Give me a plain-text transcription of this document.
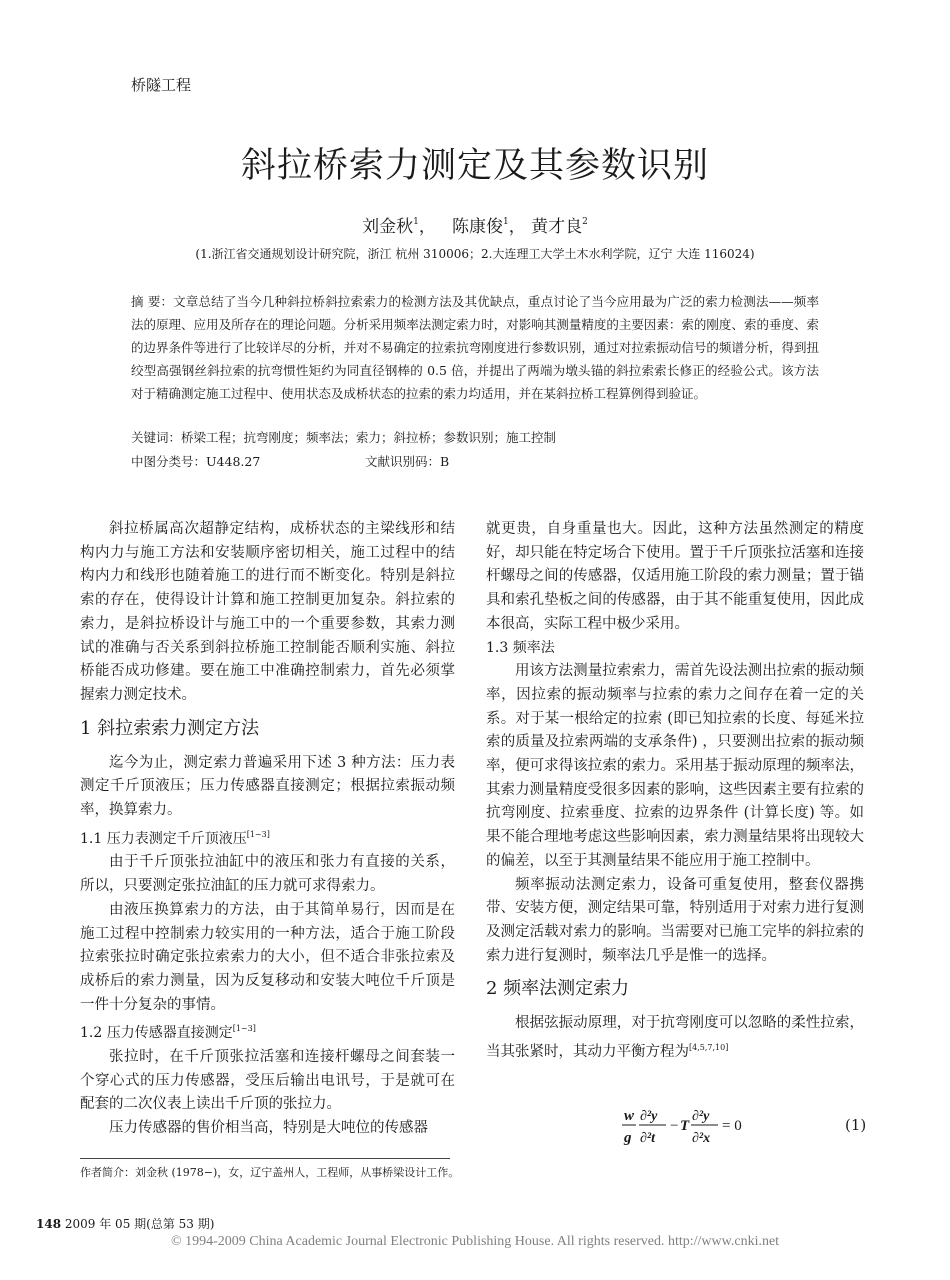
桥隧工程
斜拉桥索力测定及其参数识别
刘金秋$^1$，   陈康俊$^1$， 黄才良$^2$
(1.浙江省交通规划设计研究院，浙江 杭州 310006；2.大连理工大学土木水利学院，辽宁 大连 116024)
摘 要：文章总结了当今几种斜拉桥斜拉索索力的检测方法及其优缺点，重点讨论了当今应用最为广泛的索力检测法——频率法的原理、应用及所存在的理论问题。分析采用频率法测定索力时，对影响其测量精度的主要因素：索的刚度、索的垂度、索的边界条件等进行了比较详尽的分析，并对不易确定的拉索抗弯刚度进行参数识别，通过对拉索振动信号的频谱分析，得到扭绞型高强钢丝斜拉索的抗弯惯性矩约为同直径钢棒的 0.5 倍，并提出了两端为墩头锚的斜拉索索长修正的经验公式。该方法对于精确测定施工过程中、使用状态及成桥状态的拉索的索力均适用，并在某斜拉桥工程算例得到验证。
关键词：桥梁工程；抗弯刚度；频率法；索力；斜拉桥；参数识别；施工控制
中图分类号：U448.27	文献识别码：B

斜拉桥属高次超静定结构，成桥状态的主梁线形和结构内力与施工方法和安装顺序密切相关，施工过程中的结构内力和线形也随着施工的进行而不断变化。特别是斜拉索的存在，使得设计计算和施工控制更加复杂。斜拉索的索力，是斜拉桥设计与施工中的一个重要参数，其索力测试的准确与否关系到斜拉桥施工控制能否顺利实施、斜拉桥能否成功修建。要在施工中准确控制索力，首先必须掌握索力测定技术。

1 斜拉索索力测定方法

迄今为止，测定索力普遍采用下述 3 种方法：压力表测定千斤顶液压；压力传感器直接测定；根据拉索振动频率，换算索力。

1.1 压力表测定千斤顶液压[1~3]

由于千斤顶张拉油缸中的液压和张力有直接的关系，所以，只要测定张拉油缸的压力就可求得索力。

由液压换算索力的方法，由于其简单易行，因而是在施工过程中控制索力较实用的一种方法，适合于施工阶段拉索张拉时确定张拉索索力的大小，但不适合非张拉索及成桥后的索力测量，因为反复移动和安装大吨位千斤顶是一件十分复杂的事情。

1.2 压力传感器直接测定[1~3]

张拉时，在千斤顶张拉活塞和连接杆螺母之间套装一个穿心式的压力传感器，受压后输出电讯号，于是就可在配套的二次仪表上读出千斤顶的张拉力。

压力传感器的售价相当高，特别是大吨位的传感器

就更贵，自身重量也大。因此，这种方法虽然测定的精度好，却只能在特定场合下使用。置于千斤顶张拉活塞和连接杆螺母之间的传感器，仅适用施工阶段的索力测量；置于锚具和索孔垫板之间的传感器，由于其不能重复使用，因此成本很高，实际工程中极少采用。

1.3 频率法

用该方法测量拉索索力，需首先设法测出拉索的振动频率，因拉索的振动频率与拉索的索力之间存在着一定的关系。对于某一根给定的拉索 (即已知拉索的长度、每延米拉索的质量及拉索两端的支承条件) ，只要测出拉索的振动频率，便可求得该拉索的索力。采用基于振动原理的频率法，其索力测量精度受很多因素的影响，这些因素主要有拉索的抗弯刚度、拉索垂度、拉索的边界条件 (计算长度) 等。如果不能合理地考虑这些影响因素，索力测量结果将出现较大的偏差，以至于其测量结果不能应用于施工控制中。

频率振动法测定索力，设备可重复使用，整套仪器携带、安装方便，测定结果可靠，特别适用于对索力进行复测及测定活载对索力的影响。当需要对已施工完毕的斜拉索的索力进行复测时，频率法几乎是惟一的选择。

2 频率法测定索力

根据弦振动原理，对于抗弯刚度可以忽略的柔性拉索，当其张紧时，其动力平衡方程为[4,5,7,10]

w
g
∂²y
∂²t
− T
∂²y
∂²x
= 0	(1)
作者简介：刘金秋 (1978−)，女，辽宁盖州人，工程师，从事桥梁设计工作。
148 2009 年 05 期(总第 53 期)
© 1994-2009 China Academic Journal Electronic Publishing House. All rights reserved. http://www.cnki.net
